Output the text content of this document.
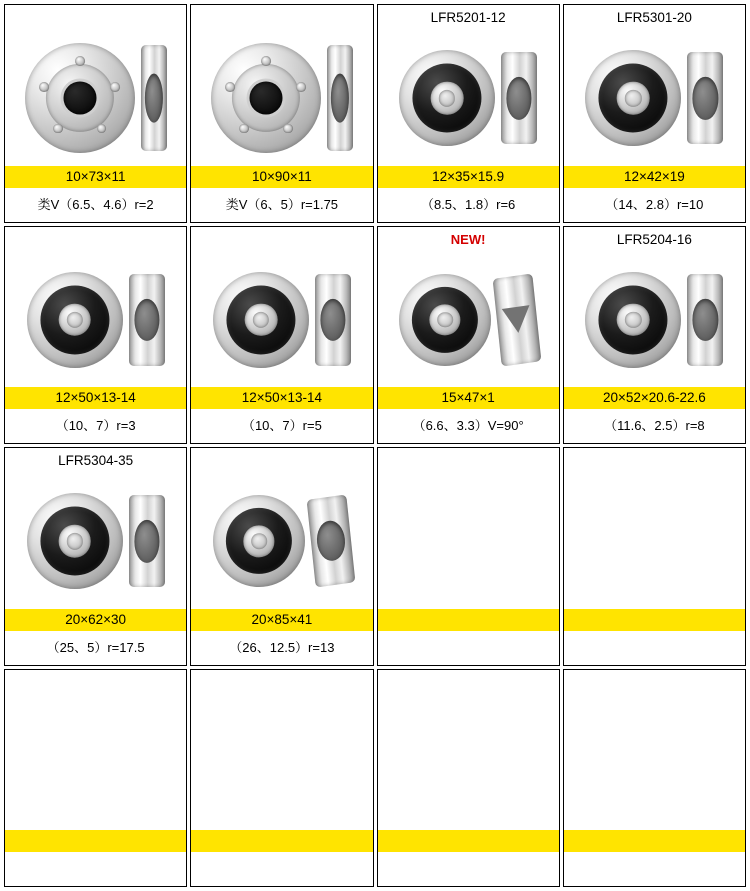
10×73×11
类V（6.5、4.6）r=2
10×90×11
类V（6、5）r=1.75
LFR5201-12
12×35×15.9
（8.5、1.8）r=6
LFR5301-20
12×42×19
（14、2.8）r=10
12×50×13-14
（10、7）r=3
12×50×13-14
（10、7）r=5
NEW!
15×47×1
（6.6、3.3）V=90°
LFR5204-16
20×52×20.6-22.6
（11.6、2.5）r=8
LFR5304-35
20×62×30
（25、5）r=17.5
20×85×41
（26、12.5）r=13
